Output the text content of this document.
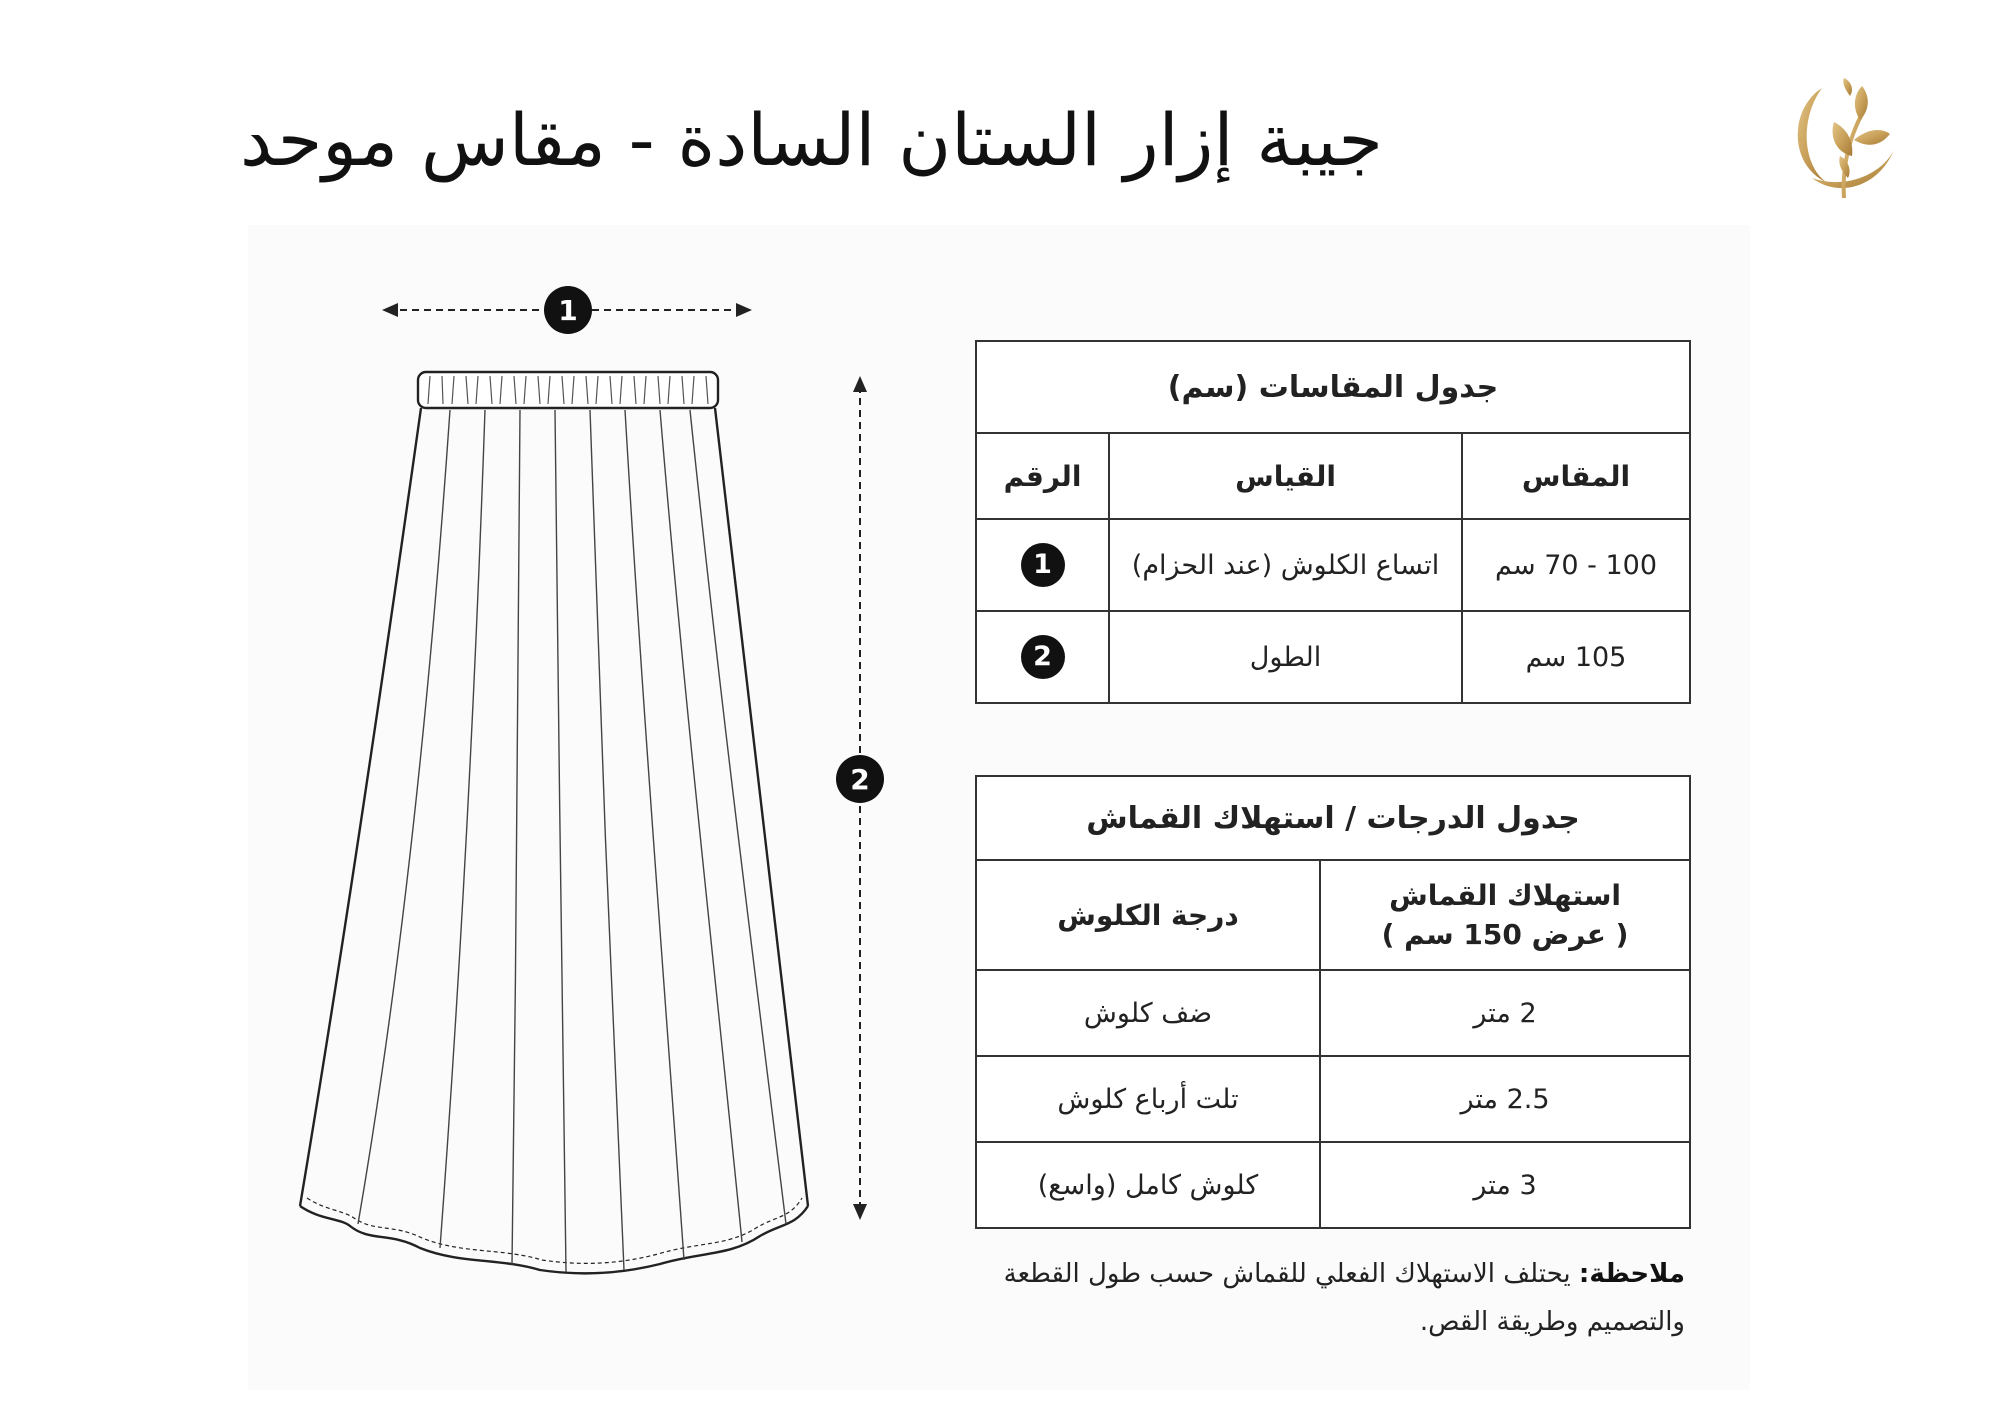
جيبة إزار الستان السادة - مقاس موحد
1
2
جدول المقاسات (سم)		
المقاس	القياس	الرقم
100 - 70 سم	اتساع الكلوش (عند الحزام)	1
105 سم	الطول	2
جدول الدرجات / استهلاك القماش	

استهلاك القماش
( عرض 150 سم )	درجة الكلوش
2 متر	ضف كلوش
2.5 متر	تلت أرباع كلوش
3 متر	كلوش كامل (واسع)
ملاحظة: يحتلف الاستهلاك الفعلي للقماش حسب طول القطعة والتصميم وطريقة القص.
